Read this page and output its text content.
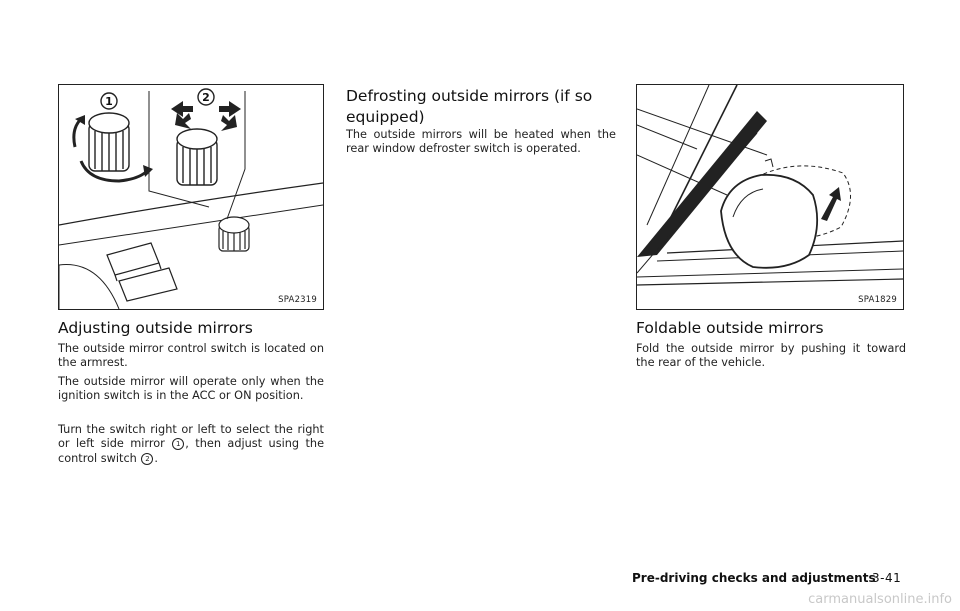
1	2
SPA2319
Adjusting outside mirrors

The outside mirror control switch is located on the armrest.

The outside mirror will operate only when the ignition switch is in the ACC or ON position.

Turn the switch right or left to select the right or left side mirror 1 , then adjust using the control switch 2 .

Defrosting outside mirrors (if so equipped)

The outside mirrors will be heated when the rear window defroster switch is operated.

SPA1829
Foldable outside mirrors

Fold the outside mirror by pushing it toward the rear of the vehicle.

Pre-driving checks and adjustments
3-41
carmanualsonline.info
